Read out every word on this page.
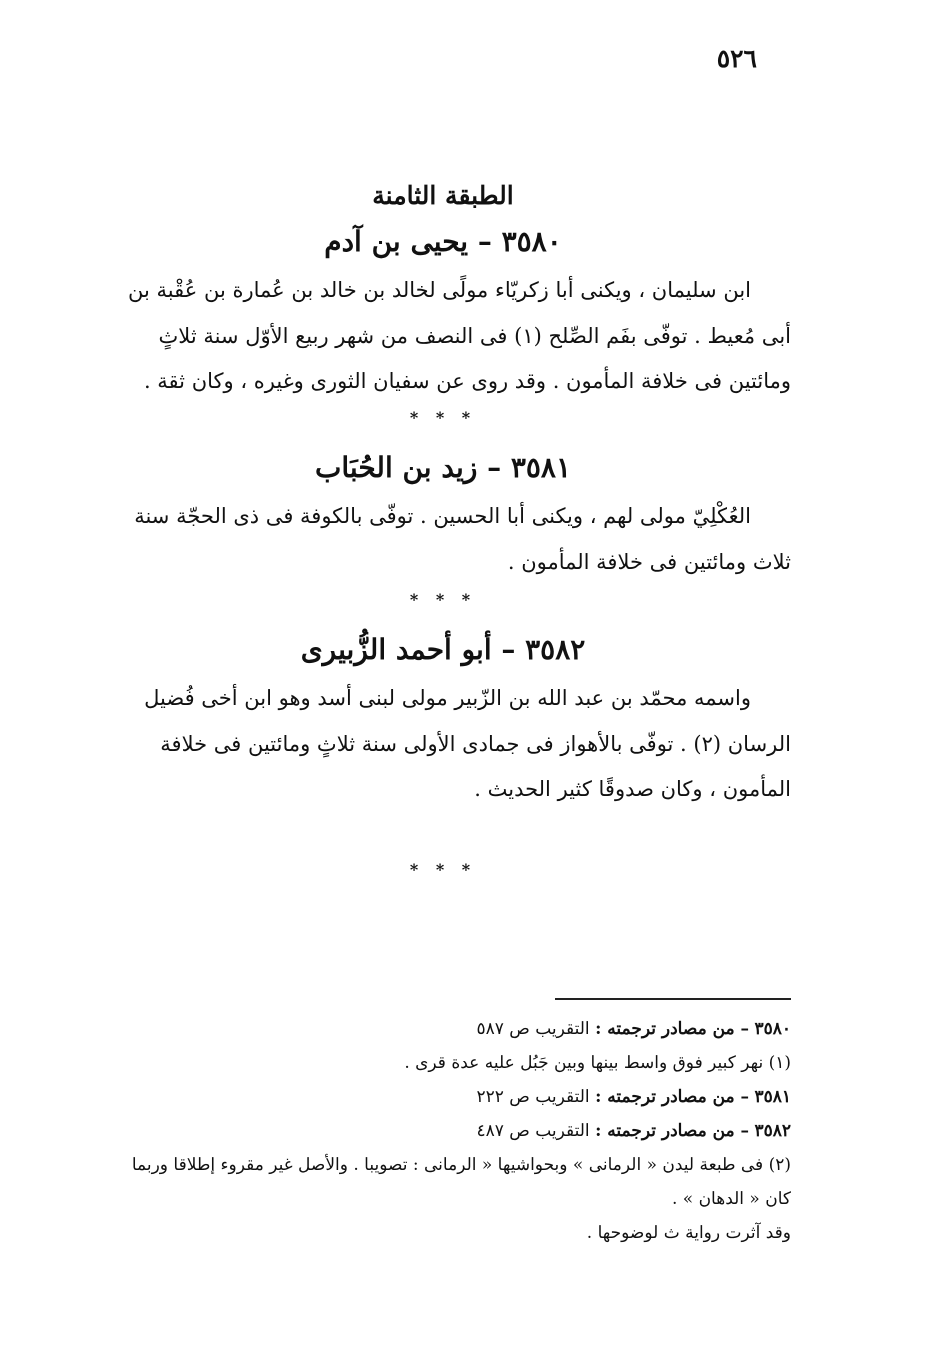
٥٢٦
الطبقة الثامنة
٣٥٨٠ – يحيى بن آدم
ابن سليمان ، ويكنى أبا زكريّاء مولًى لخالد بن خالد بن عُمارة بن عُقْبة بن
أبى مُعيط . توفّى بفَم الصِّلح (١) فى النصف من شهر ربيع الأوّل سنة ثلاثٍ
ومائتين فى خلافة المأمون . وقد روى عن سفيان الثورى وغيره ، وكان ثقة .
* * *
٣٥٨١ – زيد بن الحُبَاب
العُكْلِيّ مولى لهم ، ويكنى أبا الحسين . توفّى بالكوفة فى ذى الحجّة سنة
ثلاث ومائتين فى خلافة المأمون .
* * *
٣٥٨٢ – أبو أحمد الزُّبيرى
واسمه محمّد بن عبد الله بن الزّبير مولى لبنى أسد وهو ابن أخى فُضيل
الرسان (٢) . توفّى بالأهواز فى جمادى الأولى سنة ثلاثٍ ومائتين فى خلافة
المأمون ، وكان صدوقًا كثير الحديث .
* * *
٣٥٨٠ – من مصادر ترجمته : التقريب ص ٥٨٧
(١) نهر كبير فوق واسط بينها وبين جَبُل عليه عدة قرى .
٣٥٨١ – من مصادر ترجمته : التقريب ص ٢٢٢
٣٥٨٢ – من مصادر ترجمته : التقريب ص ٤٨٧
(٢) فى طبعة ليدن « الرمانى » وبحواشيها « الرمانى : تصويبا . والأصل غير مقروء إطلاقا وربما
كان « الدهان » .
وقد آثرت رواية ث لوضوحها .
